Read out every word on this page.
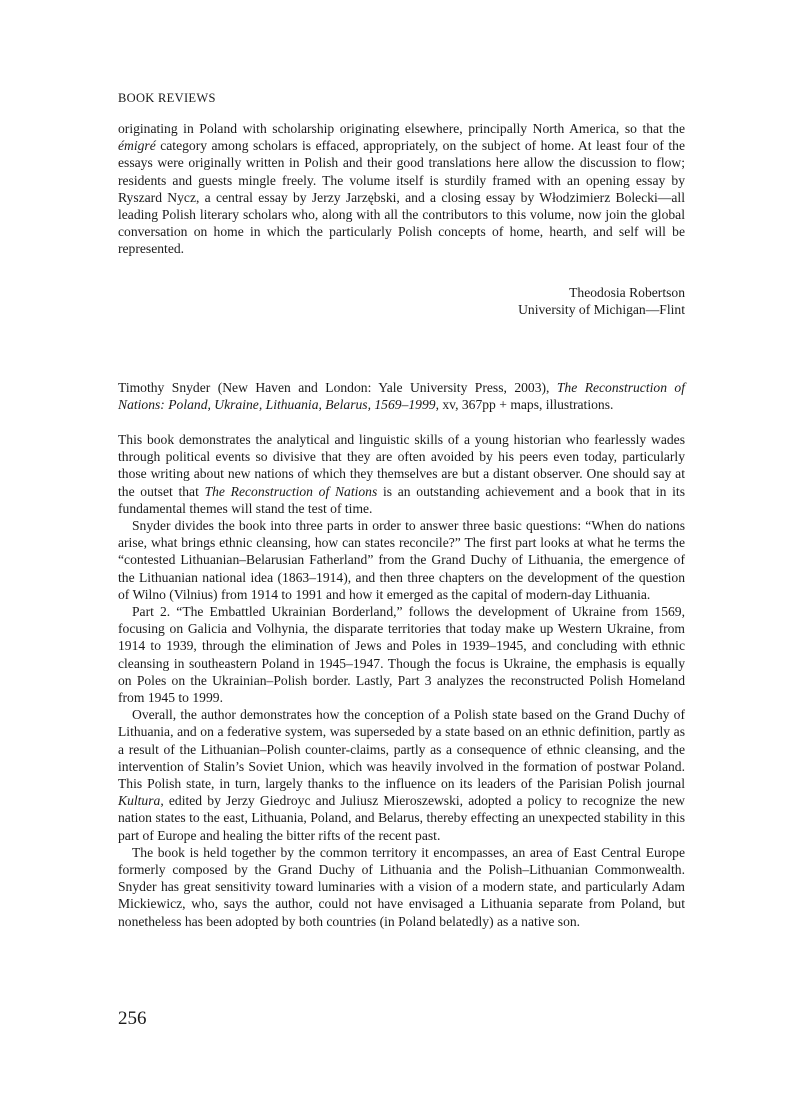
BOOK REVIEWS

originating in Poland with scholarship originating elsewhere, principally North America, so that the émigré category among scholars is effaced, appropriately, on the subject of home. At least four of the essays were originally written in Polish and their good translations here allow the discussion to flow; residents and guests mingle freely. The volume itself is sturdily framed with an opening essay by Ryszard Nycz, a central essay by Jerzy Jarzębski, and a closing essay by Włodzimierz Bolecki—all leading Polish literary scholars who, along with all the contributors to this volume, now join the global conversation on home in which the particularly Polish concepts of home, hearth, and self will be represented.

Theodosia Robertson
University of Michigan—Flint

Timothy Snyder (New Haven and London: Yale University Press, 2003), The Reconstruction of Nations: Poland, Ukraine, Lithuania, Belarus, 1569–1999, xv, 367pp + maps, illustrations.

This book demonstrates the analytical and linguistic skills of a young historian who fearlessly wades through political events so divisive that they are often avoided by his peers even today, particularly those writing about new nations of which they themselves are but a distant observer. One should say at the outset that The Reconstruction of Nations is an outstanding achievement and a book that in its fundamental themes will stand the test of time.

Snyder divides the book into three parts in order to answer three basic questions: “When do nations arise, what brings ethnic cleansing, how can states reconcile?” The first part looks at what he terms the “contested Lithuanian–Belarusian Fatherland” from the Grand Duchy of Lithuania, the emergence of the Lithuanian national idea (1863–1914), and then three chapters on the development of the question of Wilno (Vilnius) from 1914 to 1991 and how it emerged as the capital of modern-day Lithuania.

Part 2. “The Embattled Ukrainian Borderland,” follows the development of Ukraine from 1569, focusing on Galicia and Volhynia, the disparate territories that today make up Western Ukraine, from 1914 to 1939, through the elimination of Jews and Poles in 1939–1945, and concluding with ethnic cleansing in southeastern Poland in 1945–1947. Though the focus is Ukraine, the emphasis is equally on Poles on the Ukrainian–Polish border. Lastly, Part 3 analyzes the reconstructed Polish Homeland from 1945 to 1999.

Overall, the author demonstrates how the conception of a Polish state based on the Grand Duchy of Lithuania, and on a federative system, was superseded by a state based on an ethnic definition, partly as a result of the Lithuanian–Polish counter-claims, partly as a consequence of ethnic cleansing, and the intervention of Stalin’s Soviet Union, which was heavily involved in the formation of postwar Poland. This Polish state, in turn, largely thanks to the influence on its leaders of the Parisian Polish journal Kultura, edited by Jerzy Giedroyc and Juliusz Mieroszewski, adopted a policy to recognize the new nation states to the east, Lithuania, Poland, and Belarus, thereby effecting an unexpected stability in this part of Europe and healing the bitter rifts of the recent past.

The book is held together by the common territory it encompasses, an area of East Central Europe formerly composed by the Grand Duchy of Lithuania and the Polish–Lithuanian Commonwealth. Snyder has great sensitivity toward luminaries with a vision of a modern state, and particularly Adam Mickiewicz, who, says the author, could not have envisaged a Lithuania separate from Poland, but nonetheless has been adopted by both countries (in Poland belatedly) as a native son.

256
